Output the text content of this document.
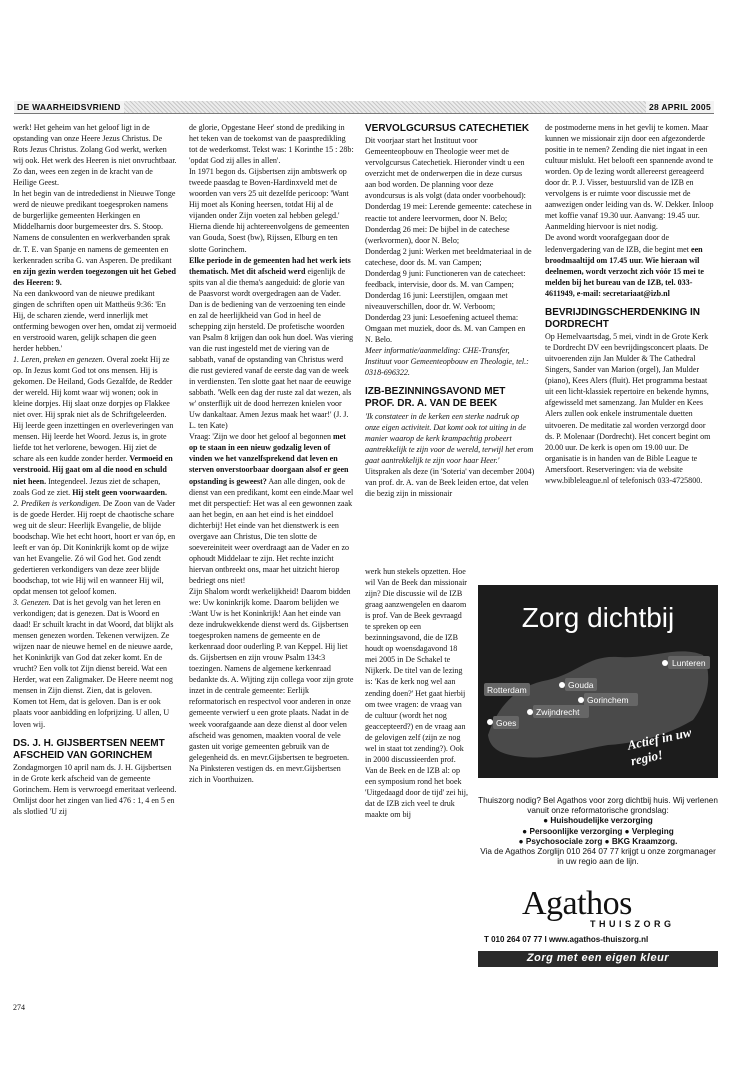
DE WAARHEIDSVRIEND	28 APRIL 2005

werk! Het geheim van het geloof ligt in de opstanding van onze Heere Jezus Christus. De Rots Jezus Christus. Zolang God werkt, werken wij ook. Het werk des Heeren is niet onvruchtbaar. Zo dan, wees een zegen in de kracht van de Heilige Geest.

In het begin van de intrededienst in Nieuwe Tonge werd de nieuwe predikant toegesproken namens de burgerlijke gemeenten Herkingen en Middelharnis door burgemeester drs. S. Stoop. Namens de consulenten en werkverbanden sprak dr. T. E. van Spanje en namens de gemeenten en kerkenraden scriba G. van Asperen. De predikant en zijn gezin werden toegezongen uit het Gebed des Heeren: 9.

Na een dankwoord van de nieuwe predikant gingen de schriften open uit Mattheüs 9:36: 'En Hij, de scharen ziende, werd innerlijk met ontferming bewogen over hen, omdat zij vermoeid en verstrooid waren, gelijk schapen die geen herder hebben.'

1. Leren, preken en genezen. Overal zoekt Hij ze op. In Jezus komt God tot ons mensen. Hij is gekomen. De Heiland, Gods Gezalfde, de Redder der wereld. Hij komt waar wij wonen; ook in kleine dorpjes. Hij slaat onze dorpjes op Flakkee niet over. Hij sprak niet als de Schriftgeleerden. Hij leerde geen inzettingen en overleveringen van mensen. Hij leerde het Woord. Jezus is, in grote liefde tot het verlorene, bewogen. Hij ziet de schare als een kudde zonder herder. Vermoeid en verstrooid. Hij gaat om al die nood en schuld niet heen. Integendeel. Jezus ziet de schapen, zoals God ze ziet. Hij stelt geen voorwaarden.

2. Prediken is verkondigen. De Zoon van de Vader is de goede Herder. Hij roept de chaotische schare weg uit de sleur: Heerlijk Evangelie, de blijde boodschap. Wie het echt hoort, hoort er van óp, en leeft er van óp. Dit Koninkrijk komt op de wijze van het Evangelie. Zó wil God het. God zendt gedertieren verkondigers van deze zeer blijde boodschap, tot wie Hij wil en wanneer Hij wil, opdat mensen tot geloof komen.

3. Genezen. Dat is het gevolg van het leren en verkondigen; dat is genezen. Dat is Woord en daad! Er schuilt kracht in dat Woord, dat blijkt als mensen genezen worden. Tekenen verwijzen. Ze wijzen naar de nieuwe hemel en de nieuwe aarde, het Koninkrijk van God dat zeker komt. En de vrucht? Een volk tot Zijn dienst bereid. Wat een Herder, wat een Zaligmaker. De Heere neemt nog mensen in Zijn dienst. Zien, dat is geloven. Komen tot Hem, dat is geloven. Dan is er ook plaats voor aanbidding en lofprijzing. U allen, U loven wij.

DS. J. H. GIJSBERTSEN NEEMT AFSCHEID VAN GORINCHEM

Zondagmorgen 10 april nam ds. J. H. Gijsbertsen in de Grote kerk afscheid van de gemeente Gorinchem. Hem is verwroegd emeritaat verleend. Omlijst door het zingen van lied 476 : 1, 4 en 5 en als slotlied 'U zij

de glorie, Opgestane Heer' stond de prediking in het teken van de toekomst van de paaspredikling tot de wederkomst. Tekst was: 1 Korinthe 15 : 28b: 'opdat God zij alles in allen'.

In 1971 begon ds. Gijsbertsen zijn ambtswerk op tweede paasdag te Boven-Hardinxveld met de woorden van vers 25 uit dezelfde pericoop: 'Want Hij moet als Koning heersen, totdat Hij al de vijanden onder Zijn voeten zal hebben gelegd.' Hierna diende hij achtereenvolgens de gemeenten van Gouda, Soest (bw), Rijssen, Elburg en ten slotte Gorinchem.

Elke periode in de gemeenten had het werk iets thematisch. Met dit afscheid werd eigenlijk de spits van al die thema's aangeduid: de glorie van de Paasvorst wordt overgedragen aan de Vader. Dan is de bediening van de verzoening ten einde en zal de heerlijkheid van God in heel de schepping zijn hersteld. De profetische woorden van Psalm 8 krijgen dan ook hun doel. Was viering van die rust ingesteld met de viering van de sabbath, vanaf de opstanding van Christus werd die rust geviered vanaf de eerste dag van de week in verdiensten. Ten slotte gaat het naar de eeuwige sabbath. 'Welk een dag der ruste zal dat wezen, als w' onsterflijk uit de dood herrezen knielen voor Uw dankaltaar. Amen Jezus maak het waar!' (J. J. L. ten Kate)

Vraag: 'Zijn we door het geloof al begonnen met op te staan in een nieuw godzalig leven of vinden we het vanzelfsprekend dat leven en sterven onverstoorbaar doorgaan alsof er geen opstanding is geweest? Aan alle dingen, ook de dienst van een predikant, komt een einde.Maar wel met dit perspectief: Het was al een gewonnen zaak aan het begin, en aan het eind is het einddoel dichterbij! Het einde van het dienstwerk is een overgave aan Christus, Die ten slotte de soevereiniteit weer overdraagt aan de Vader en zo ophoudt Middelaar te zijn. Het rechte inzicht hiervan ontbreekt ons, maar het uitzicht hierop bedriegt ons niet!

Zijn Shalom wordt werkelijkheid! Daarom bidden we: Uw koninkrijk kome. Daarom belijden we :Want Uw is het Koninkrijk! Aan het einde van deze indrukwekkende dienst werd ds. Gijsbertsen toegesproken namens de gemeente en de kerkenraad door ouderling P. van Keppel. Hij liet ds. Gijsbertsen en zijn vrouw Psalm 134:3 toezingen. Namens de algemene kerkenraad bedankte ds. A. Wijting zijn collega voor zijn grote inzet in de centrale gemeente: Eerlijk reformatorisch en respectvol voor anderen in onze gemeente verwierf u een grote plaats. Nadat in de week voorafgaande aan deze dienst al door velen afscheid was genomen, maakten vooral de vele gasten uit vorige gemeenten gebruik van de gelegenheid ds. en mevr.Gijsbertsen te begroeten.

Na Pinksteren vestigen ds. en mevr.Gijsbertsen zich in Voorthuizen.

VERVOLGCURSUS CATECHETIEK

Dit voorjaar start het Instituut voor Gemeenteopbouw en Theologie weer met de vervolgcursus Catechetiek. Hieronder vindt u een overzicht met de onderwerpen die in deze cursus aan bod worden. De planning voor deze avondcursus is als volgt (data onder voorbehoud):

Donderdag 19 mei: Lerende gemeente: catechese in reactie tot andere leervormen, door N. Belo;

Donderdag 26 mei: De bijbel in de catechese (werkvormen), door N. Belo;

Donderdag 2 juni: Werken met beeldmateriaal in de catechese, door ds. M. van Campen;

Donderdag 9 juni: Functioneren van de catecheet: feedback, intervisie, door ds. M. van Campen;

Donderdag 16 juni: Leerstijlen, omgaan met niveauverschillen, door dr. W. Verboom;

Donderdag 23 juni: Lesoefening actueel thema: Omgaan met muziek, door ds. M. van Campen en N. Belo.

Meer informatie/aanmelding: CHE-Transfer, Instituut voor Gemeenteopbouw en Theologie, tel.: 0318-696322.

IZB-BEZINNINGSAVOND MET PROF. DR. A. VAN DE BEEK

'Ik constateer in de kerken een sterke nadruk op onze eigen activiteit. Dat komt ook tot uiting in de manier waarop de kerk krampachtig probeert aantrekkelijk te zijn voor de wereld, terwijl het erom gaat aantrekkelijk te zijn voor haar Heer.'

Uitspraken als deze (in 'Soteria' van december 2004) van prof. dr. A. van de Beek leiden ertoe, dat velen die bezig zijn in missionair

werk hun stekels opzetten. Hoe wil Van de Beek dan missionair zijn? Die discussie wil de IZB graag aanzwengelen en daarom is prof. Van de Beek gevraagd te spreken op een bezinningsavond, die de IZB houdt op woensdagavond 18 mei 2005 in De Schakel te Nijkerk. De titel van de lezing is: 'Kas de kerk nog wel aan zending doen?' Het gaat hierbij om twee vragen: de vraag van de cultuur (wordt het nog geaccepteerd?) en de vraag aan de gelovigen zelf (zijn ze nog wel in staat tot zending?). Ook in 2000 discussieerden prof. Van de Beek en de IZB al: op een symposium rond het boek 'Uitgedaagd door de tijd' zei hij, dat de IZB zich veel te druk maakte om bij

de postmoderne mens in het gevlij te komen. Maar kunnen we missionair zijn door een afgezonderde positie in te nemen? Zending die niet ingaat in een cultuur mislukt. Het belooft een spannende avond te worden. Op de lezing wordt allereerst gereageerd door dr. P. J. Visser, bestuurslid van de IZB en vervolgens is er ruimte voor discussie met de aanwezigen onder leiding van ds. W. Dekker. Inloop met koffie vanaf 19.30 uur. Aanvang: 19.45 uur. Aanmelding hiervoor is niet nodig.

De avond wordt voorafgegaan door de ledenvergadering van de IZB, die begint met een broodmaaltijd om 17.45 uur. Wie hieraan wil deelnemen, wordt verzocht zich vóór 15 mei te melden bij het bureau van de IZB, tel. 033-4611949, e-mail: secretariaat@izb.nl

BEVRIJDINGSCHERDENKING IN DORDRECHT

Op Hemelvaartsdag, 5 mei, vindt in de Grote Kerk te Dordrecht DV een bevrijdingsconcert plaats. De uitvoerenden zijn Jan Mulder & The Cathedral Singers, Sander van Marion (orgel), Jan Mulder (piano), Kees Alers (fluit). Het programma bestaat uit een licht-klassiek repertoire en bekende hymns, afgewisseld met samenzang. Jan Mulder en Kees Alers zullen ook enkele instrumentale duetten uitvoeren. De meditatie zal worden verzorgd door ds. P. Molenaar (Dordrecht). Het concert begint om 20.00 uur. De kerk is open om 19.00 uur. De organisatie is in handen van de Bible League te Amersfoort. Reserveringen: via de website www.bibleleague.nl of telefonisch 033-4725800.

274
Zorg dichtbij
Lunteren
Gouda
Rotterdam
Gorinchem
Zwijndrecht
Goes
Actief in uw regio!

Thuiszorg nodig? Bel Agathos voor zorg dichtbij huis. Wij verlenen vanuit onze reformatorische grondslag:

● Huishoudelijke verzorging

● Persoonlijke verzorging ● Verpleging

● Psychosociale zorg ● BKG Kraamzorg.

Via de Agathos Zorglijn 010 264 07 77 krijgt u onze zorgmanager in uw regio aan de lijn.

Agathos
THUISZORG
T 010 264 07 77 I www.agathos-thuiszorg.nl
Zorg met een eigen kleur
